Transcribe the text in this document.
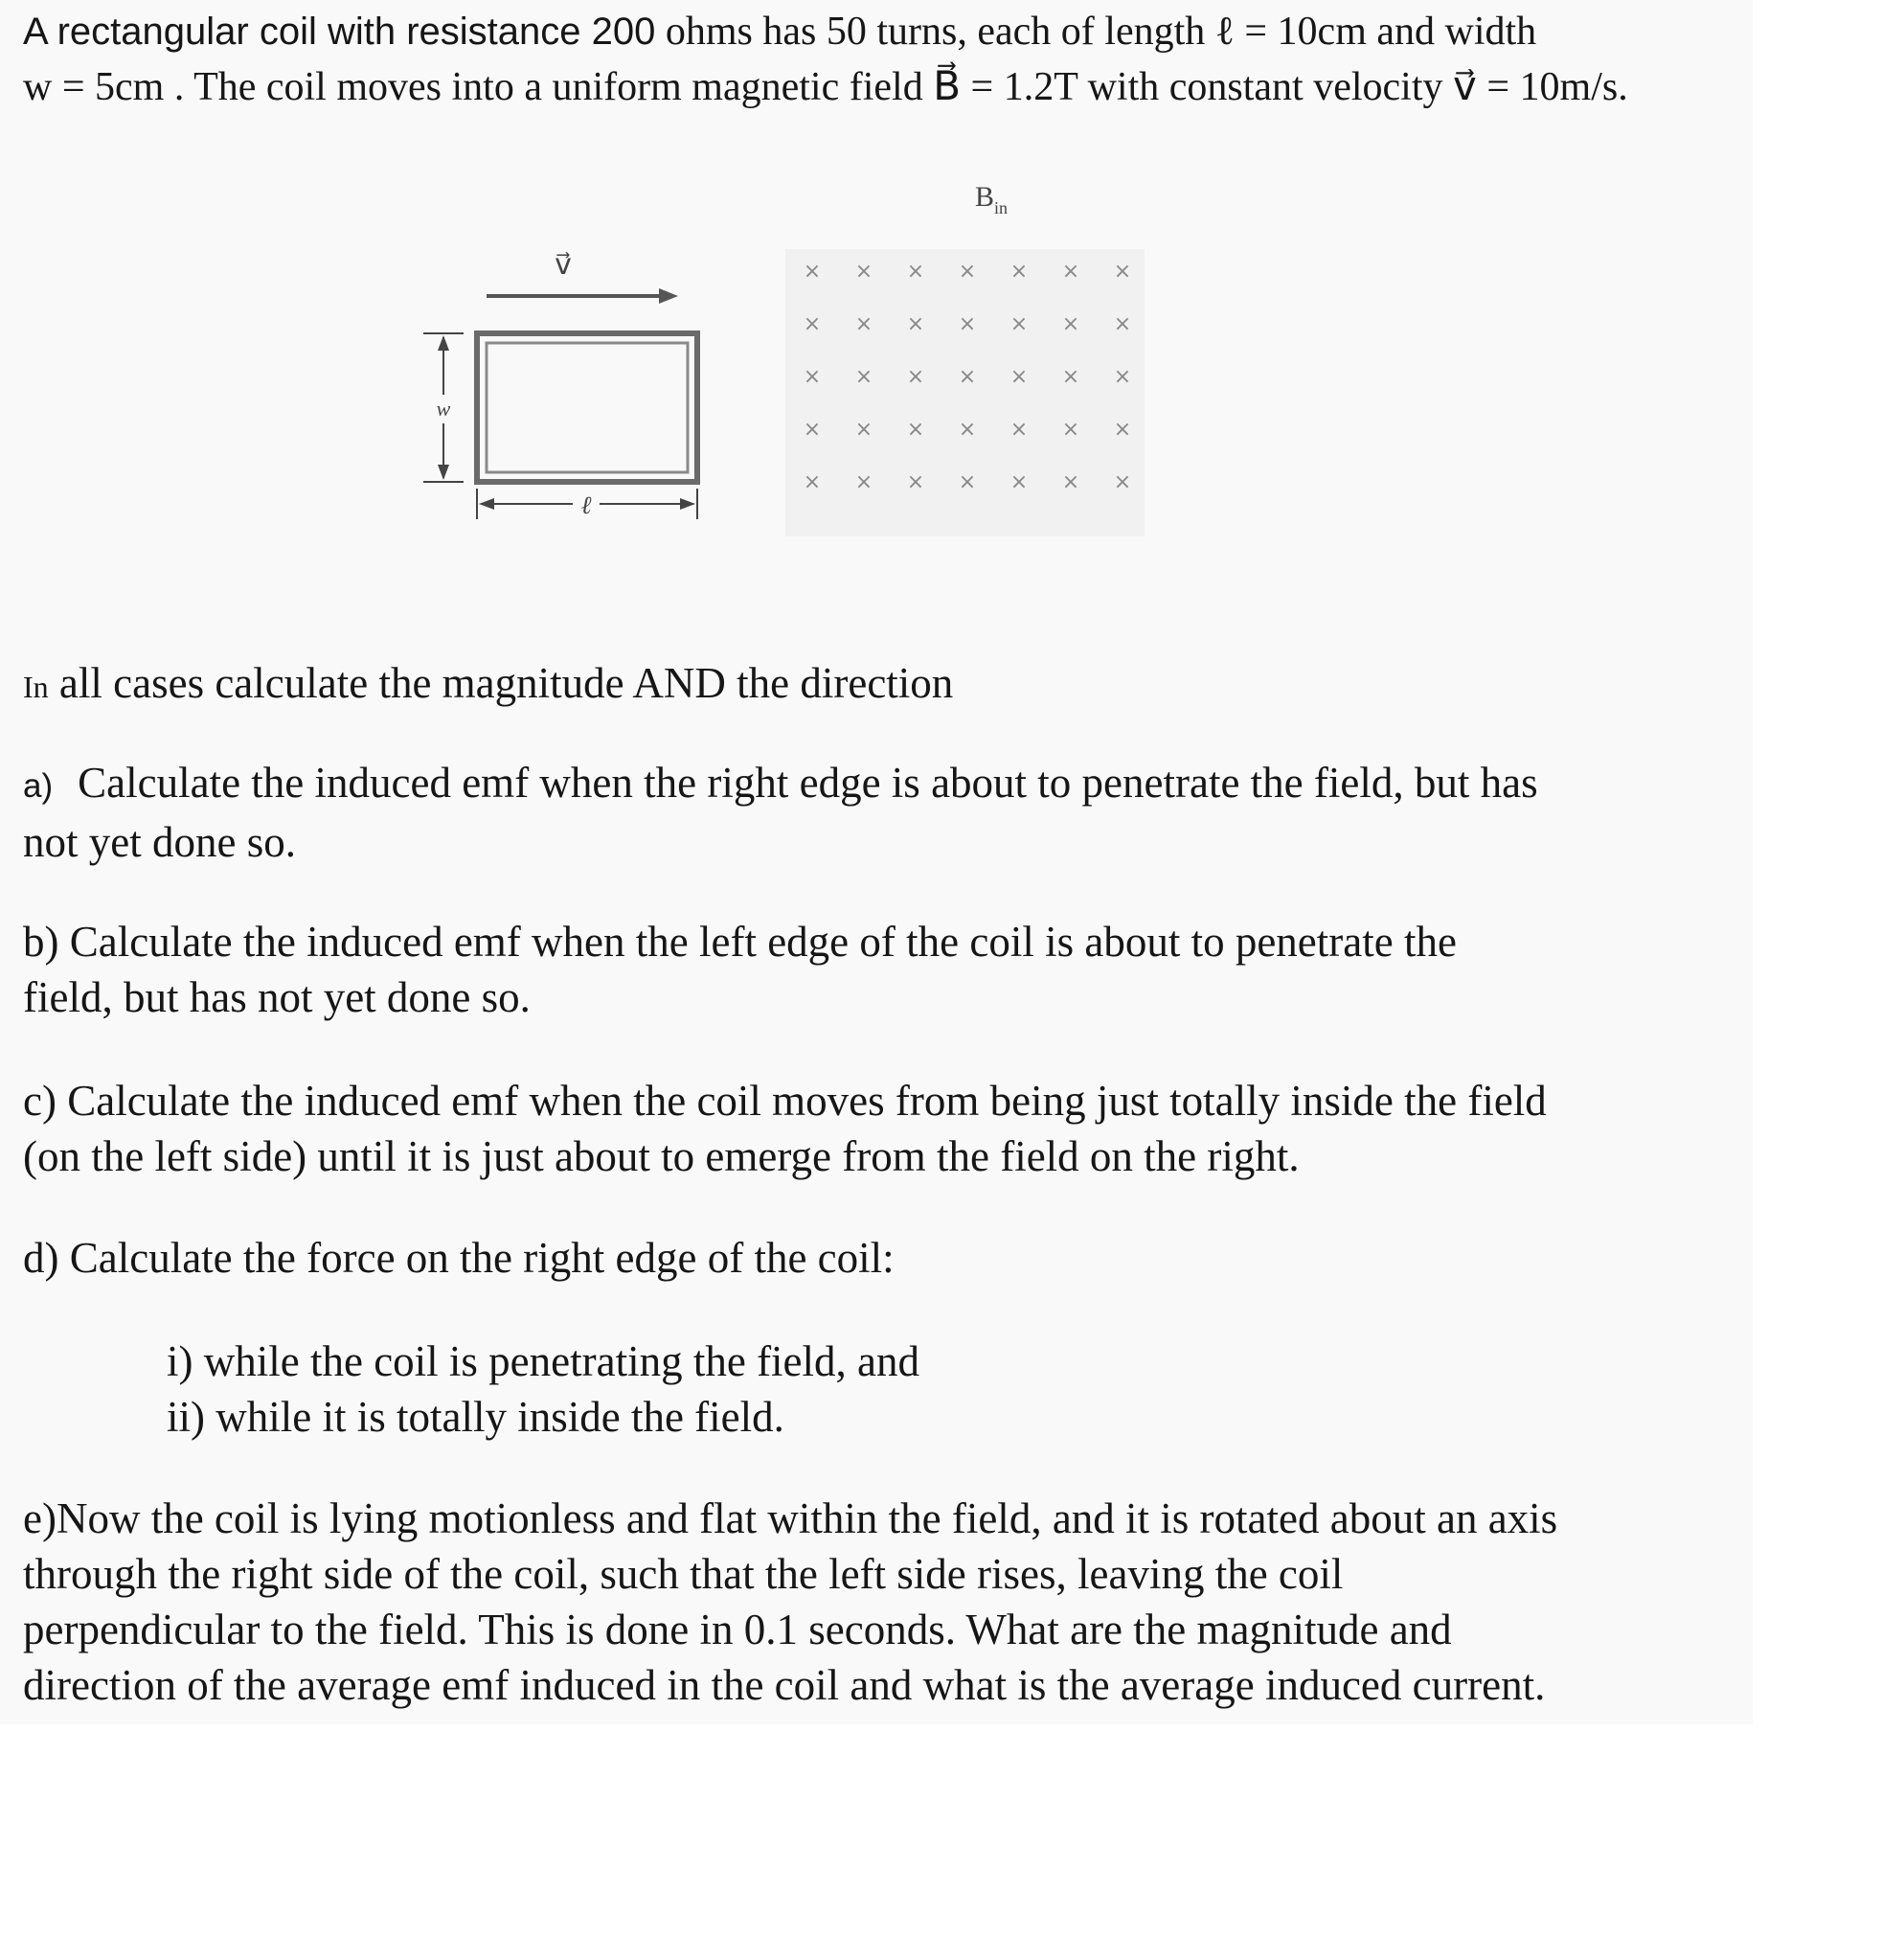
A rectangular coil with resistance 200 ohms has 50 turns, each of length ℓ = 10cm and width
w = 5cm . The coil moves into a uniform magnetic field B⃗ = 1.2T with constant velocity v⃗ = 10m/s.
v⃗
w
ℓ
$B_{in}$
× × × × × × ×
× × × × × × ×
× × × × × × ×
× × × × × × ×
× × × × × × ×
In all cases calculate the magnitude AND the direction
a) Calculate the induced emf when the right edge is about to penetrate the field, but has
not yet done so.
b) Calculate the induced emf when the left edge of the coil is about to penetrate the
field, but has not yet done so.
c) Calculate the induced emf when the coil moves from being just totally inside the field
(on the left side) until it is just about to emerge from the field on the right.
d) Calculate the force on the right edge of the coil:
i) while the coil is penetrating the field, and
ii) while it is totally inside the field.
e)Now the coil is lying motionless and flat within the field, and it is rotated about an axis
through the right side of the coil, such that the left side rises, leaving the coil
perpendicular to the field. This is done in 0.1 seconds. What are the magnitude and
direction of the average emf induced in the coil and what is the average induced current.
